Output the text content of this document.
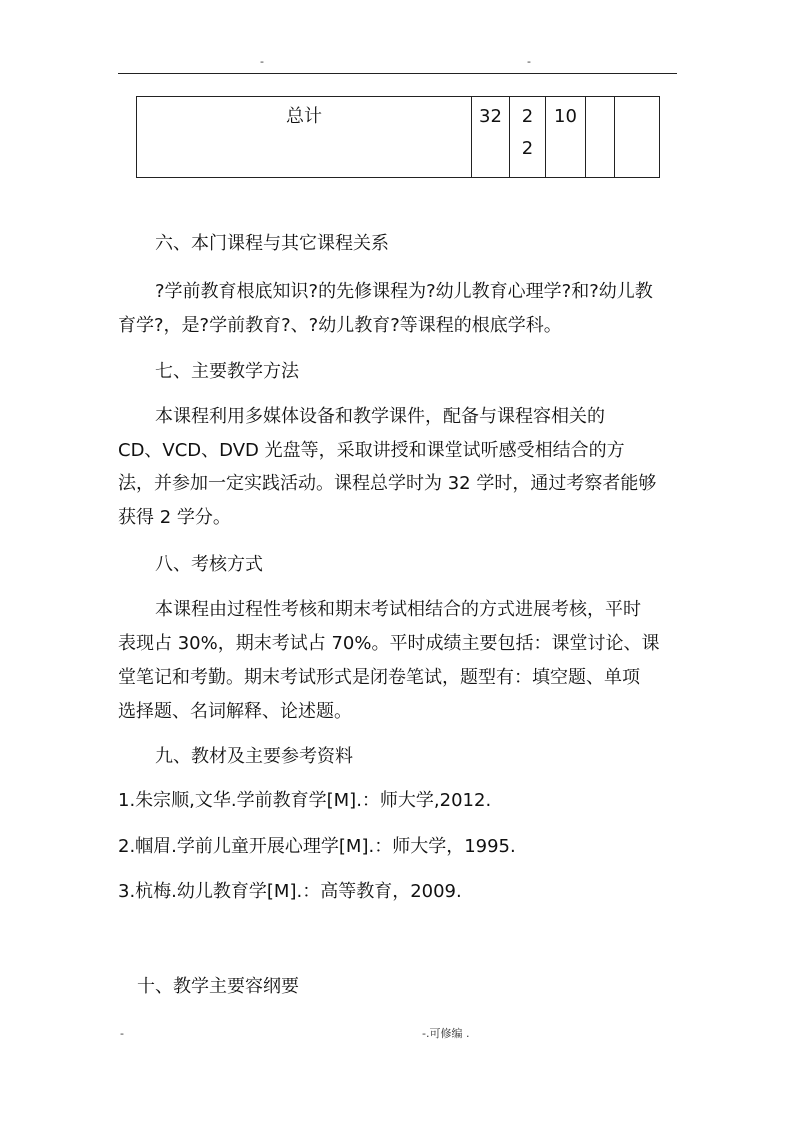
-	-
总计	32	22	10		
六、本门课程与其它课程关系
?学前教育根底知识?的先修课程为?幼儿教育心理学?和?幼儿教
育学?，是?学前教育?、?幼儿教育?等课程的根底学科。
七、主要教学方法
本课程利用多媒体设备和教学课件，配备与课程容相关的
CD、VCD、DVD 光盘等，采取讲授和课堂试听感受相结合的方
法，并参加一定实践活动。课程总学时为 32 学时，通过考察者能够
获得 2 学分。
八、考核方式
本课程由过程性考核和期末考试相结合的方式进展考核，平时
表现占 30%，期末考试占 70%。平时成绩主要包括：课堂讨论、课
堂笔记和考勤。期末考试形式是闭卷笔试，题型有：填空题、单项
选择题、名词解释、论述题。
九、教材及主要参考资料
1.朱宗顺,文华.学前教育学[M].：师大学,2012.
2.帼眉.学前儿童开展心理学[M].：师大学，1995.
3.杭梅.幼儿教育学[M].：高等教育，2009.
十、教学主要容纲要
-	-.可修编 .
